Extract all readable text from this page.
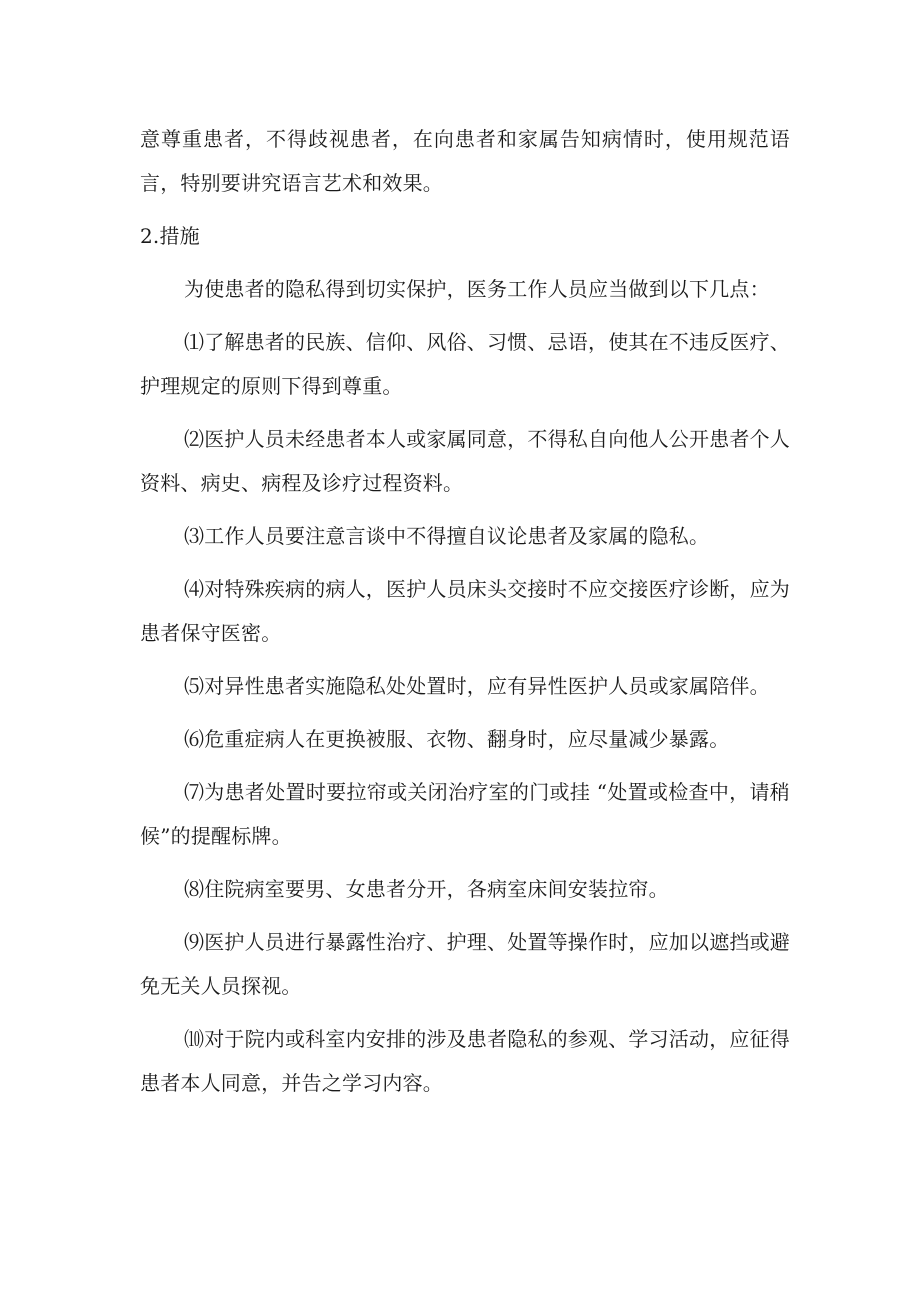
意尊重患者，不得歧视患者，在向患者和家属告知病情时，使用规范语言，特别要讲究语言艺术和效果。

2.措施

为使患者的隐私得到切实保护，医务工作人员应当做到以下几点：

⑴了解患者的民族、信仰、风俗、习惯、忌语，使其在不违反医疗、护理规定的原则下得到尊重。

⑵医护人员未经患者本人或家属同意，不得私自向他人公开患者个人资料、病史、病程及诊疗过程资料。

⑶工作人员要注意言谈中不得擅自议论患者及家属的隐私。

⑷对特殊疾病的病人，医护人员床头交接时不应交接医疗诊断，应为患者保守医密。

⑸对异性患者实施隐私处处置时，应有异性医护人员或家属陪伴。

⑹危重症病人在更换被服、衣物、翻身时，应尽量减少暴露。

⑺为患者处置时要拉帘或关闭治疗室的门或挂 “处置或检查中，请稍候”的提醒标牌。

⑻住院病室要男、女患者分开，各病室床间安装拉帘。

⑼医护人员进行暴露性治疗、护理、处置等操作时，应加以遮挡或避免无关人员探视。

⑽对于院内或科室内安排的涉及患者隐私的参观、学习活动，应征得患者本人同意，并告之学习内容。
